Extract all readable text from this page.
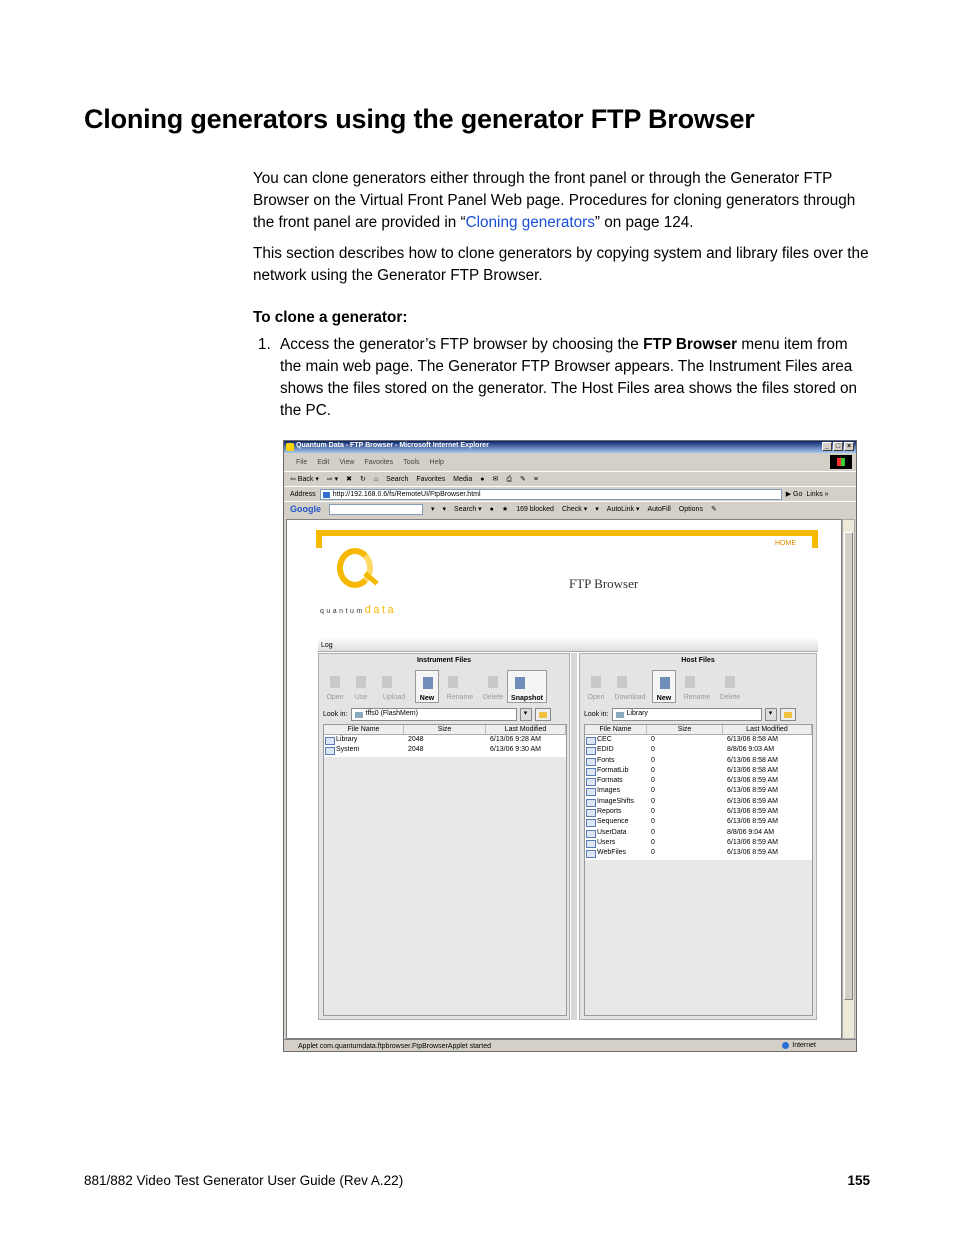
Cloning generators using the generator FTP Browser

You can clone generators either through the front panel or through the Generator FTP Browser on the Virtual Front Panel Web page. Procedures for cloning generators through the front panel are provided in “Cloning generators” on page 124.

This section describes how to clone generators by copying system and library files over the network using the Generator FTP Browser.

To clone a generator:

1. Access the generator’s FTP browser by choosing the FTP Browser menu item from the main web page. The Generator FTP Browser appears. The Instrument Files area shows the files stored on the generator. The Host Files area shows the files stored on the PC.
Quantum Data - FTP Browser - Microsoft Internet Explorer	_ □ ×
File Edit View Favorites Tools Help
⇦ Back ▾ ⇨ ▾ ✖ ↻ ⌂ Search Favorites Media ● ✉ ⎙ ✎ ≡
Address	http://192.168.0.6/fs/RemoteUI/FtpBrowser.html	▶ Go Links »
Google	▾ ▾ Search ▾ ● ★ 169 blocked Check ▾ ▾ AutoLink ▾ AutoFill Options ✎
HOME
quantumdata
FTP Browser
Log
Instrument Files
Open	Use	Upload	New	Rename	Delete	Snapshot
Look in:	tffs0 (FlashMem)	▾
File Name	Size	Last Modified
Library	2048	6/13/06 9:28 AM
System	2048	6/13/06 9:30 AM
Host Files
Open	Download	New	Rename	Delete
Look in:	Library	▾
File Name	Size	Last Modified
CEC	0	6/13/06 8:58 AM
EDID	0	8/8/06 9:03 AM
Fonts	0	6/13/06 8:58 AM
FormatLib	0	6/13/06 8:58 AM
Formats	0	6/13/06 8:59 AM
Images	0	6/13/06 8:59 AM
ImageShifts	0	6/13/06 8:59 AM
Reports	0	6/13/06 8:59 AM
Sequence	0	6/13/06 8:59 AM
UserData	0	8/8/06 9:04 AM
Users	0	6/13/06 8:59 AM
WebFiles	0	6/13/06 8:59 AM
Applet com.quantumdata.ftpbrowser.FtpBrowserApplet started	Internet
881/882 Video Test Generator User Guide (Rev A.22)	155
